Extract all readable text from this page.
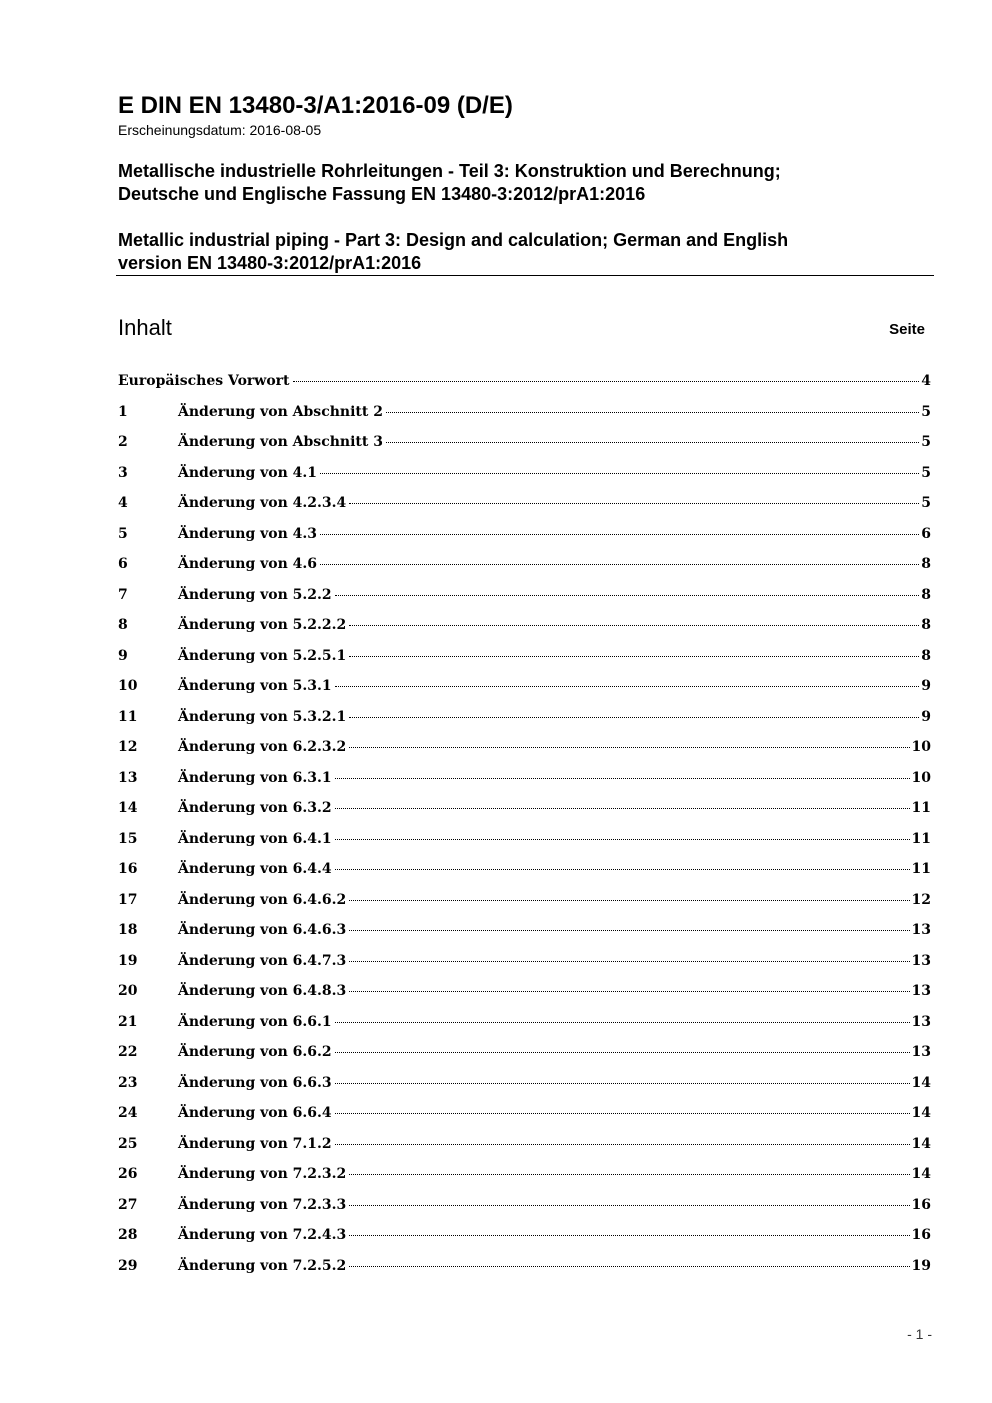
E DIN EN 13480-3/A1:2016-09 (D/E)
Erscheinungsdatum: 2016-08-05
Metallische industrielle Rohrleitungen - Teil 3: Konstruktion und Berechnung;
Deutsche und Englische Fassung EN 13480-3:2012/prA1:2016
Metallic industrial piping - Part 3: Design and calculation; German and English
version EN 13480-3:2012/prA1:2016
Inhalt	Seite
Europäisches Vorwort	4
1	Änderung von Abschnitt 2	5
2	Änderung von Abschnitt 3	5
3	Änderung von 4.1	5
4	Änderung von 4.2.3.4	5
5	Änderung von 4.3	6
6	Änderung von 4.6	8
7	Änderung von 5.2.2	8
8	Änderung von 5.2.2.2	8
9	Änderung von 5.2.5.1	8
10	Änderung von 5.3.1	9
11	Änderung von 5.3.2.1	9
12	Änderung von 6.2.3.2	10
13	Änderung von 6.3.1	10
14	Änderung von 6.3.2	11
15	Änderung von 6.4.1	11
16	Änderung von 6.4.4	11
17	Änderung von 6.4.6.2	12
18	Änderung von 6.4.6.3	13
19	Änderung von 6.4.7.3	13
20	Änderung von 6.4.8.3	13
21	Änderung von 6.6.1	13
22	Änderung von 6.6.2	13
23	Änderung von 6.6.3	14
24	Änderung von 6.6.4	14
25	Änderung von 7.1.2	14
26	Änderung von 7.2.3.2	14
27	Änderung von 7.2.3.3	16
28	Änderung von 7.2.4.3	16
29	Änderung von 7.2.5.2	19
- 1 -
